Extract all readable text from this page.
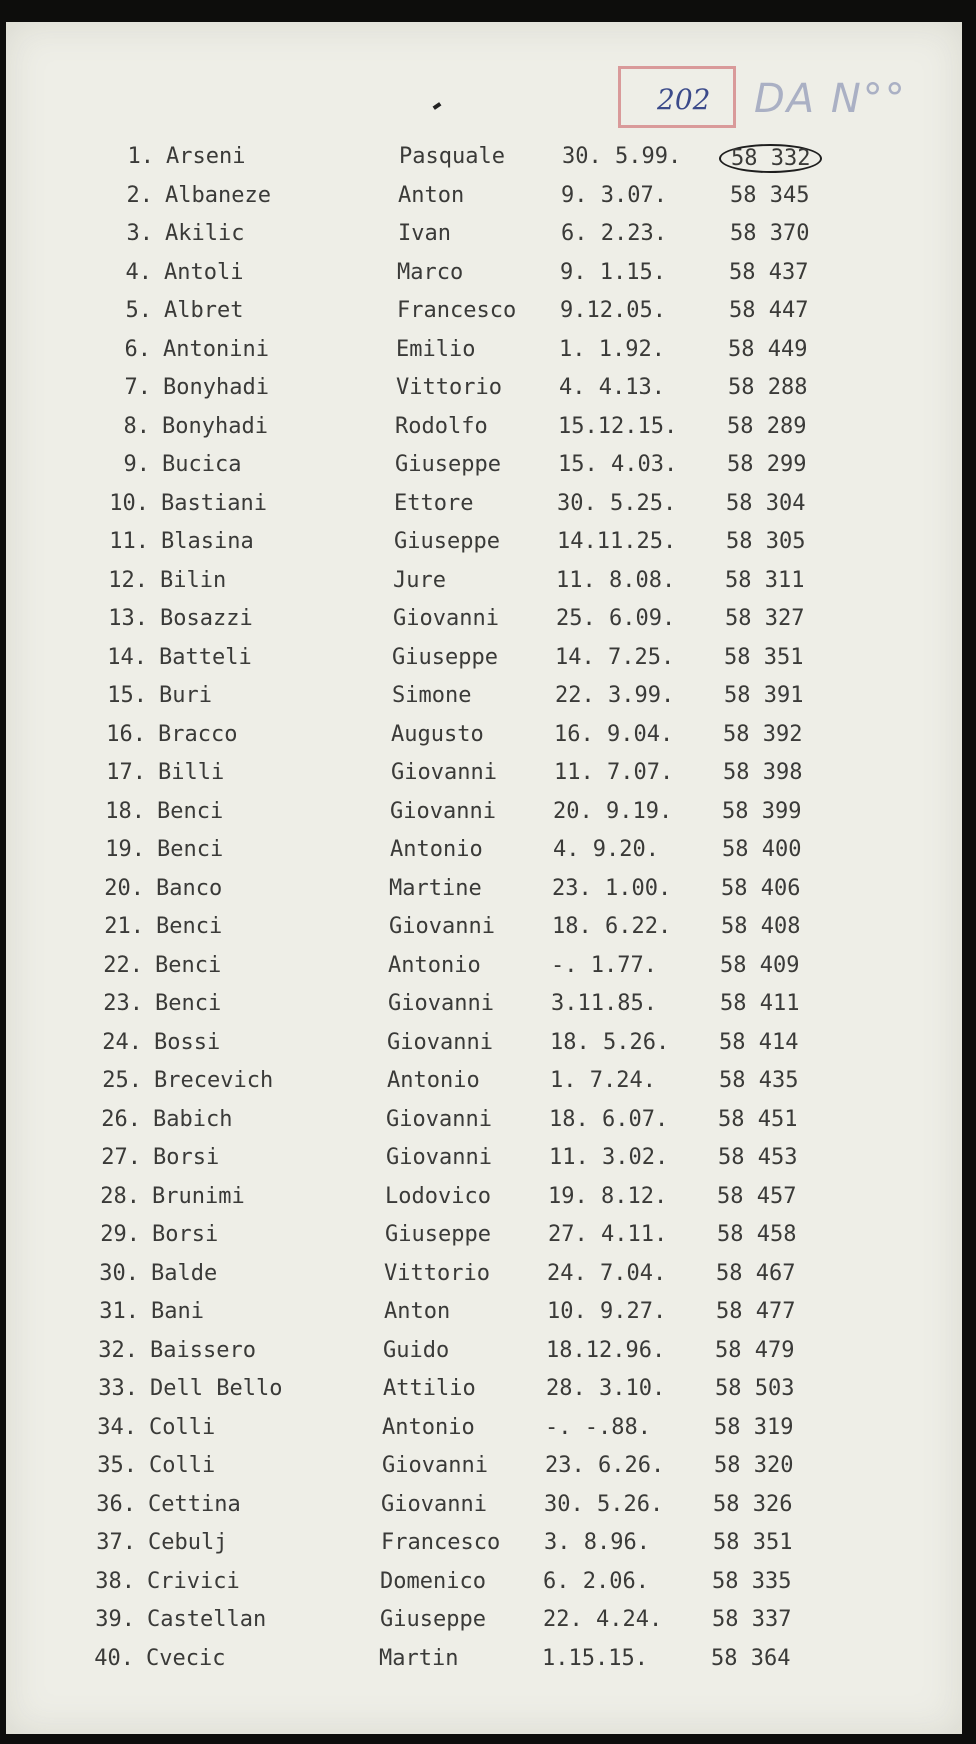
202 DA N°°
1. Arseni	Pasquale	30. 5.99.	58 332
2. Albaneze	Anton	9. 3.07.	58 345
3. Akilic	Ivan	6. 2.23.	58 370
4. Antoli	Marco	9. 1.15.	58 437
5. Albret	Francesco 9.12.05.	58 447
6. Antonini	Emilio	1. 1.92.	58 449
7. Bonyhadi	Vittorio	4. 4.13.	58 288
8. Bonyhadi	Rodolfo	15.12.15. 58 289
9. Bucica	Giuseppe	15. 4.03. 58 299
10. Bastiani	Ettore	30. 5.25. 58 304
11. Blasina	Giuseppe	14.11.25. 58 305
12. Bilin	Jure	11. 8.08. 58 311
13. Bosazzi	Giovanni	25. 6.09. 58 327
14. Batteli	Giuseppe	14. 7.25. 58 351
15. Buri	Simone	22. 3.99. 58 391
16. Bracco	Augusto	16. 9.04. 58 392
17. Billi	Giovanni	11. 7.07. 58 398
18. Benci	Giovanni	20. 9.19. 58 399
19. Benci	Antonio	4. 9.20.	58 400
20. Banco	Martine	23. 1.00. 58 406
21. Benci	Giovanni	18. 6.22. 58 408
22. Benci	Antonio	-. 1.77.	58 409
23. Benci	Giovanni	3.11.85.	58 411
24. Bossi	Giovanni	18. 5.26. 58 414
25. Brecevich	Antonio	1. 7.24.	58 435
26. Babich	Giovanni	18. 6.07. 58 451
27. Borsi	Giovanni	11. 3.02. 58 453
28. Brunimi	Lodovico	19. 8.12. 58 457
29. Borsi	Giuseppe	27. 4.11. 58 458
30. Balde	Vittorio	24. 7.04. 58 467
31. Bani	Anton	10. 9.27. 58 477
32. Baissero	Guido	18.12.96. 58 479
33. Dell Bello	Attilio	28. 3.10. 58 503
34. Colli	Antonio	-. -.88.	58 319
35. Colli	Giovanni	23. 6.26. 58 320
36. Cettina	Giovanni	30. 5.26. 58 326
37. Cebulj	Francesco 3. 8.96.	58 351
38. Crivici	Domenico	6. 2.06.	58 335
39. Castellan	Giuseppe	22. 4.24. 58 337
40. Cvecic	Martin	1.15.15.	58 364
